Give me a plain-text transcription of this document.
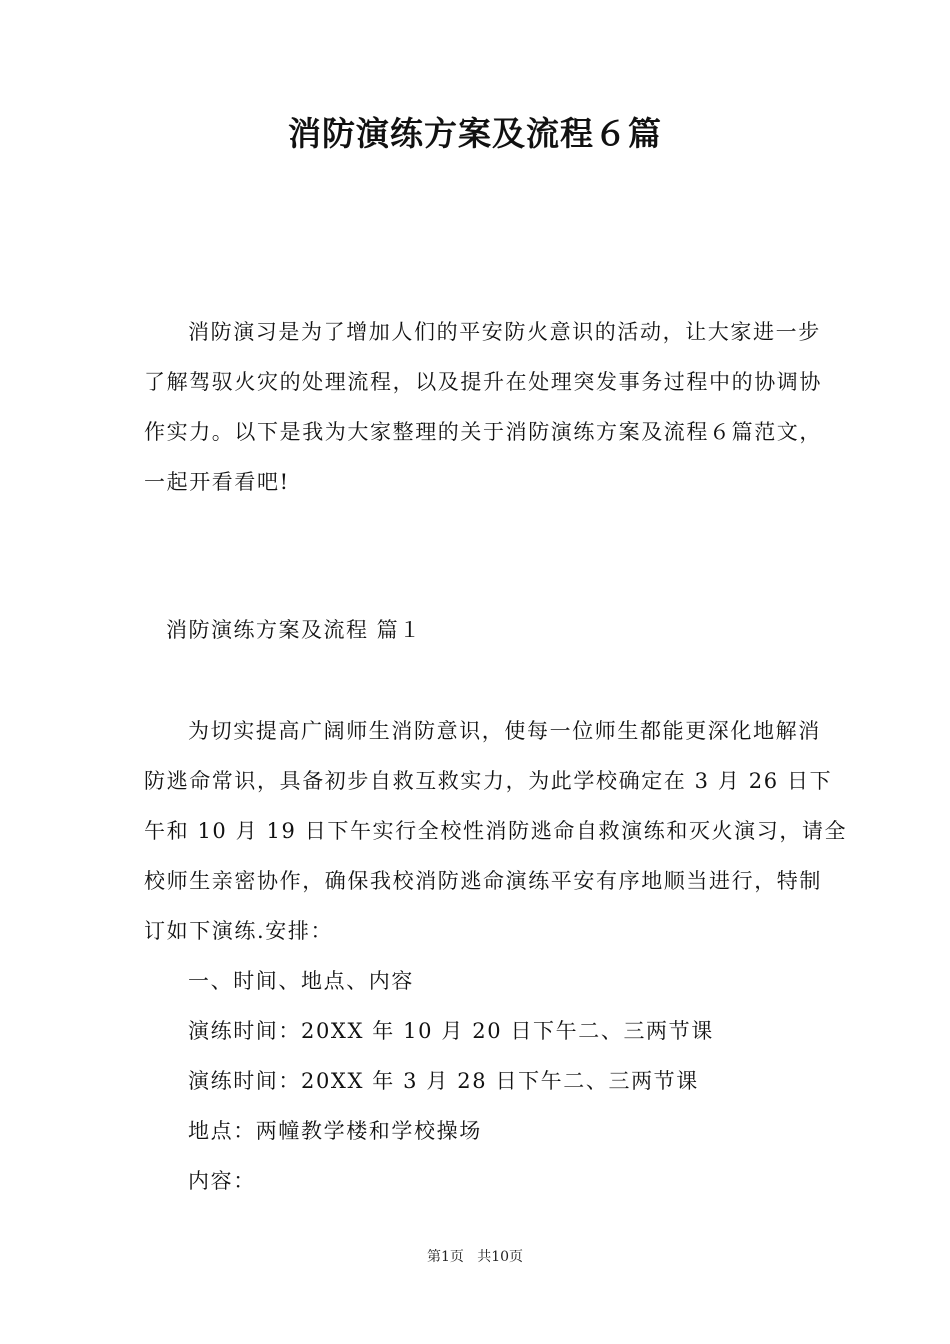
消防演练方案及流程６篇
消防演习是为了增加人们的平安防火意识的活动，让大家进一步
了解驾驭火灾的处理流程，以及提升在处理突发事务过程中的协调协
作实力。以下是我为大家整理的关于消防演练方案及流程６篇范文，
一起开看看吧!
消防演练方案及流程 篇１
为切实提高广阔师生消防意识，使每一位师生都能更深化地解消
防逃命常识，具备初步自救互救实力，为此学校确定在 3 月 26 日下
午和 10 月 19 日下午实行全校性消防逃命自救演练和灭火演习，请全
校师生亲密协作，确保我校消防逃命演练平安有序地顺当进行，特制
订如下演练.安排：
一、时间、地点、内容
演练时间：20XX 年 10 月 20 日下午二、三两节课
演练时间：20XX 年 3 月 28 日下午二、三两节课
地点：两幢教学楼和学校操场
内容：
第1页   共10页
